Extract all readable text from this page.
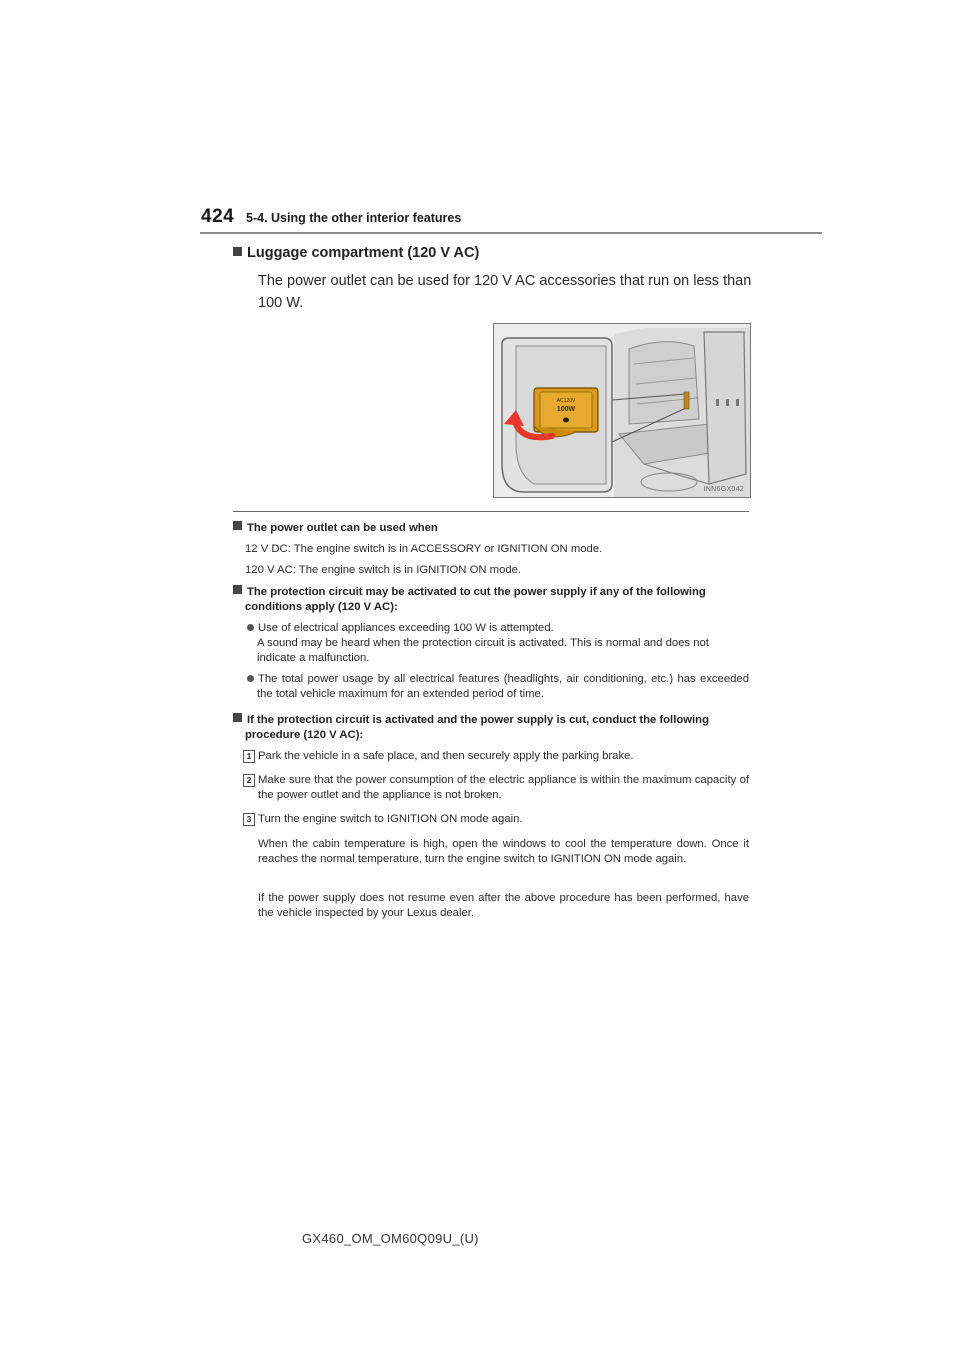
424 5-4. Using the other interior features
Luggage compartment (120 V AC)
The power outlet can be used for 120 V AC accessories that run on less than 100 W.
AC120V
100W
INN6GX042
The power outlet can be used when
12 V DC: The engine switch is in ACCESSORY or IGNITION ON mode.
120 V AC: The engine switch is in IGNITION ON mode.
The protection circuit may be activated to cut the power supply if any of the following conditions apply (120 V AC):
Use of electrical appliances exceeding 100 W is attempted.
A sound may be heard when the protection circuit is activated. This is normal and does not indicate a malfunction.
The total power usage by all electrical features (headlights, air conditioning, etc.) has exceeded the total vehicle maximum for an extended period of time.
If the protection circuit is activated and the power supply is cut, conduct the following procedure (120 V AC):
1 Park the vehicle in a safe place, and then securely apply the parking brake.
2 Make sure that the power consumption of the electric appliance is within the maximum capacity of the power outlet and the appliance is not broken.
3 Turn the engine switch to IGNITION ON mode again.
When the cabin temperature is high, open the windows to cool the temperature down. Once it reaches the normal temperature, turn the engine switch to IGNITION ON mode again.
If the power supply does not resume even after the above procedure has been performed, have the vehicle inspected by your Lexus dealer.
GX460_OM_OM60Q09U_(U)
